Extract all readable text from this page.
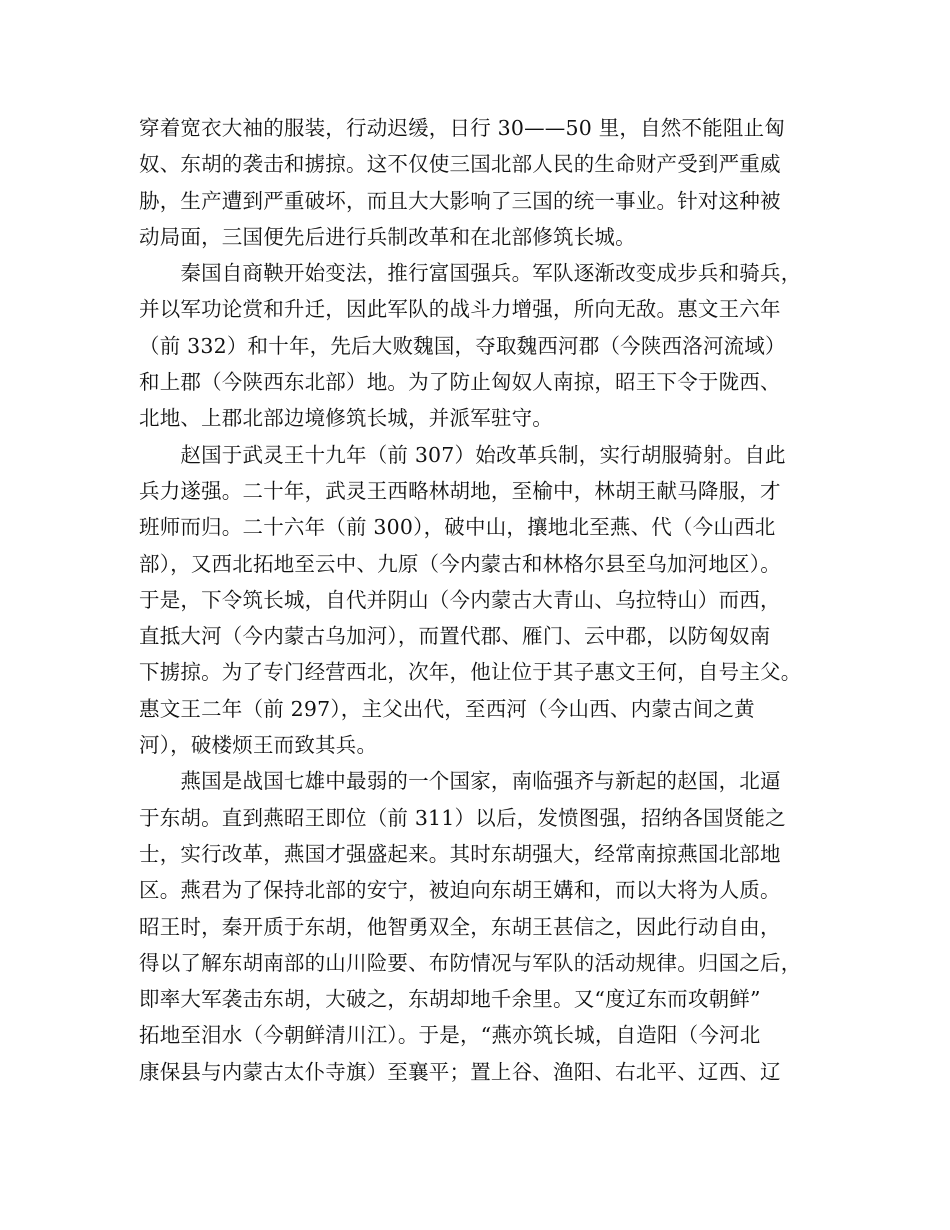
穿着宽衣大袖的服装，行动迟缓，日行 30——50 里，自然不能阻止匈
奴、东胡的袭击和掳掠。这不仅使三国北部人民的生命财产受到严重威
胁，生产遭到严重破坏，而且大大影响了三国的统一事业。针对这种被
动局面，三国便先后进行兵制改革和在北部修筑长城。
　　秦国自商鞅开始变法，推行富国强兵。军队逐渐改变成步兵和骑兵，
并以军功论赏和升迁，因此军队的战斗力增强，所向无敌。惠文王六年
（前 332）和十年，先后大败魏国，夺取魏西河郡（今陕西洛河流域）
和上郡（今陕西东北部）地。为了防止匈奴人南掠，昭王下令于陇西、
北地、上郡北部边境修筑长城，并派军驻守。
　　赵国于武灵王十九年（前 307）始改革兵制，实行胡服骑射。自此
兵力遂强。二十年，武灵王西略林胡地，至榆中，林胡王献马降服，才
班师而归。二十六年（前 300），破中山，攘地北至燕、代（今山西北
部），又西北拓地至云中、九原（今内蒙古和林格尔县至乌加河地区）。
于是，下令筑长城，自代并阴山（今内蒙古大青山、乌拉特山）而西，
直抵大河（今内蒙古乌加河），而置代郡、雁门、云中郡，以防匈奴南
下掳掠。为了专门经营西北，次年，他让位于其子惠文王何，自号主父。
惠文王二年（前 297），主父出代，至西河（今山西、内蒙古间之黄
河），破楼烦王而致其兵。
　　燕国是战国七雄中最弱的一个国家，南临强齐与新起的赵国，北逼
于东胡。直到燕昭王即位（前 311）以后，发愤图强，招纳各国贤能之
士，实行改革，燕国才强盛起来。其时东胡强大，经常南掠燕国北部地
区。燕君为了保持北部的安宁，被迫向东胡王媾和，而以大将为人质。
昭王时，秦开质于东胡，他智勇双全，东胡王甚信之，因此行动自由，
得以了解东胡南部的山川险要、布防情况与军队的活动规律。归国之后，
即率大军袭击东胡，大破之，东胡却地千余里。又“度辽东而攻朝鲜”
拓地至泪水（今朝鲜清川江）。于是，“燕亦筑长城，自造阳（今河北
康保县与内蒙古太仆寺旗）至襄平；置上谷、渔阳、右北平、辽西、辽
